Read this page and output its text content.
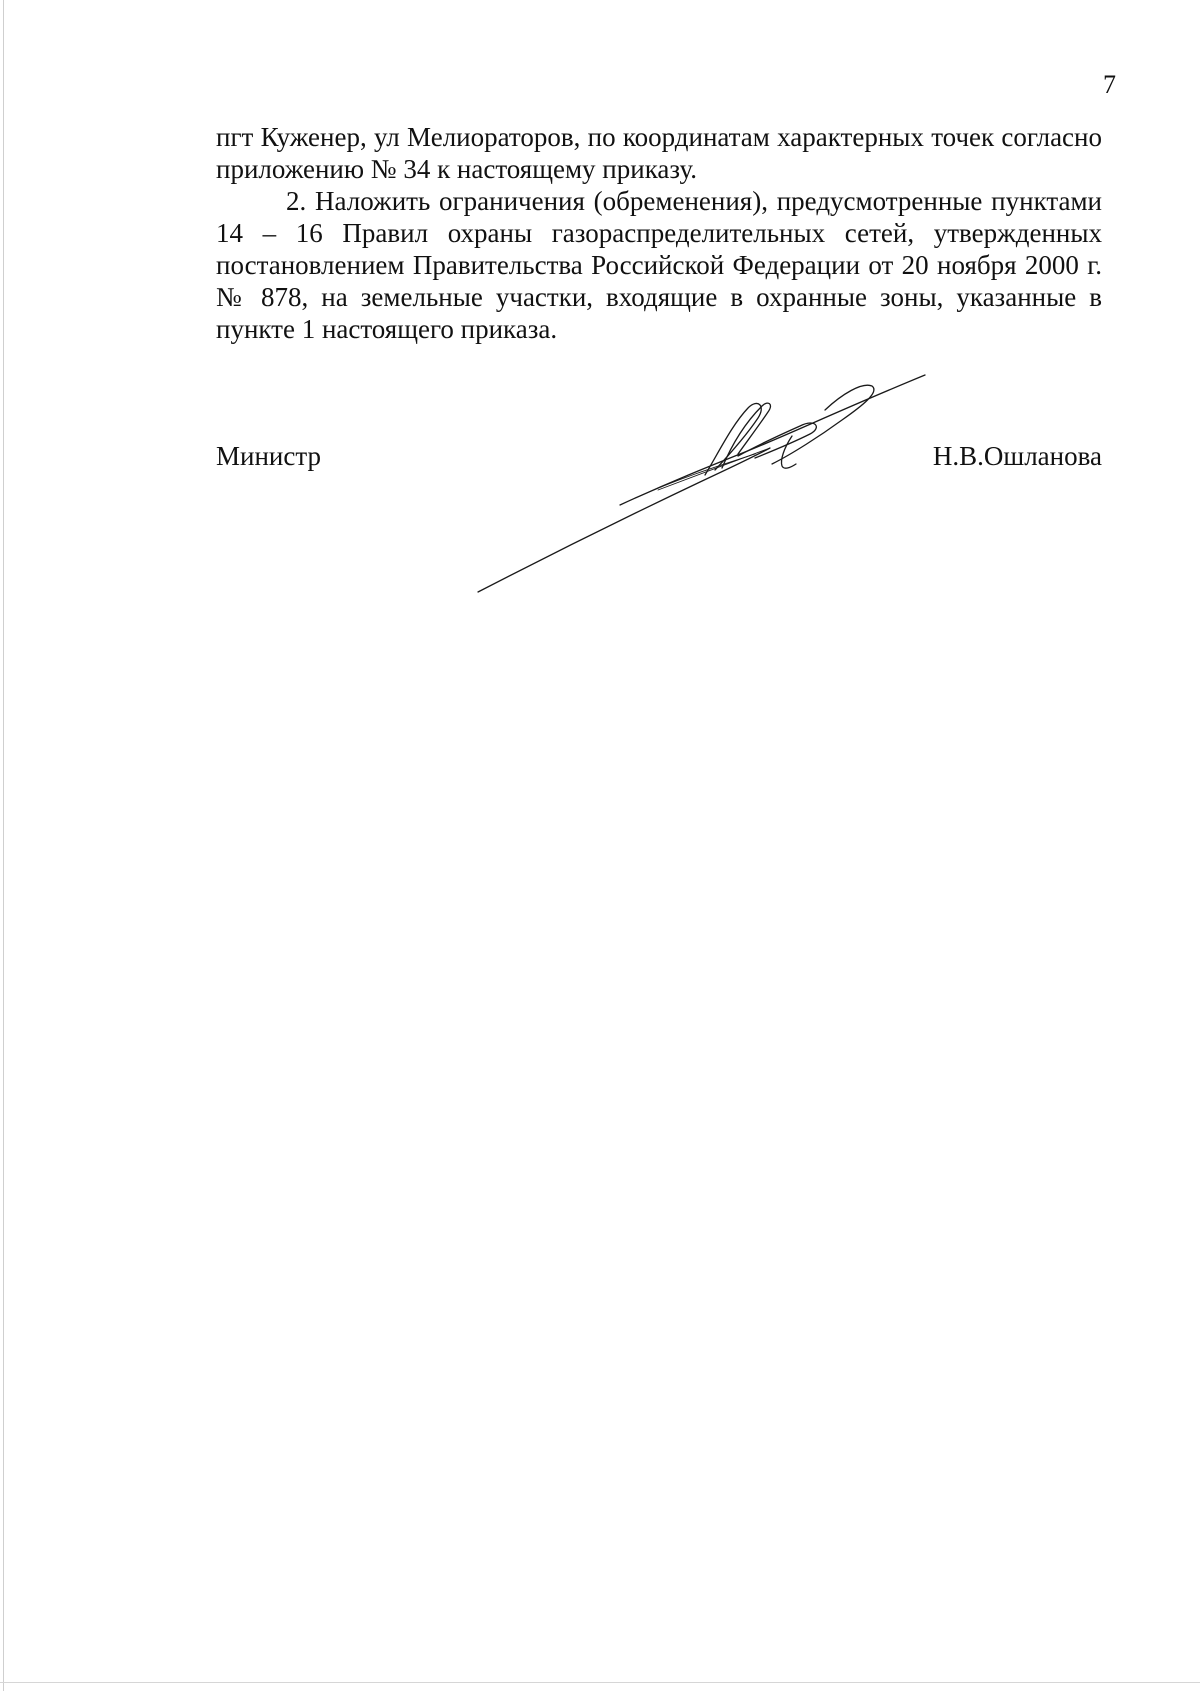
7

пгт Куженер, ул Мелиораторов, по координатам характерных точек согласно приложению № 34 к настоящему приказу.

2. Наложить ограничения (обременения), предусмотренные пунктами 14 – 16 Правил охраны газораспределительных сетей, утвержденных постановлением Правительства Российской Федерации от 20 ноября 2000 г. № 878, на земельные участки, входящие в охранные зоны, указанные в пункте 1 настоящего приказа.

Министр	Н.В.Ошланова
